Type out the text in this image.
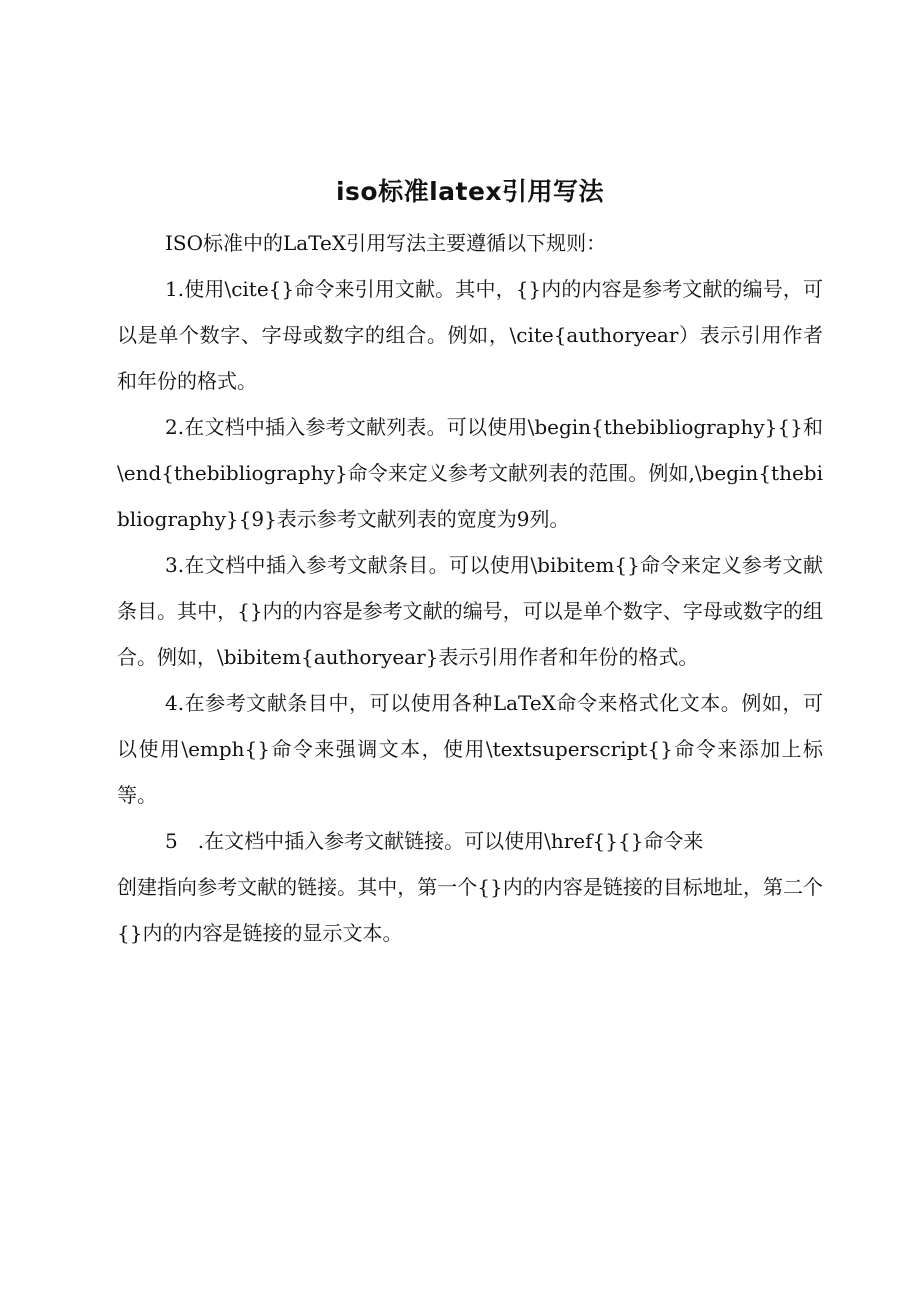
iso标准latex引用写法

ISO标准中的LaTeX引用写法主要遵循以下规则：

1.使用\cite{}命令来引用文献。其中，{}内的内容是参考文献的编号，可以是单个数字、字母或数字的组合。例如，\cite{authoryear）表示引用作者和年份的格式。

2.在文档中插入参考文献列表。可以使用\begin{thebibliography}{}和\end{thebibliography}命令来定义参考文献列表的范围。例如,\begin{thebibliography}{9}表示参考文献列表的宽度为9列。

3.在文档中插入参考文献条目。可以使用\bibitem{}命令来定义参考文献条目。其中，{}内的内容是参考文献的编号，可以是单个数字、字母或数字的组合。例如，\bibitem{authoryear}表示引用作者和年份的格式。

4.在参考文献条目中，可以使用各种LaTeX命令来格式化文本。例如，可以使用\emph{}命令来强调文本，使用\textsuperscript{}命令来添加上标等。

5　.在文档中插入参考文献链接。可以使用\href{}{}命令来

创建指向参考文献的链接。其中，第一个{}内的内容是链接的目标地址，第二个{}内的内容是链接的显示文本。
